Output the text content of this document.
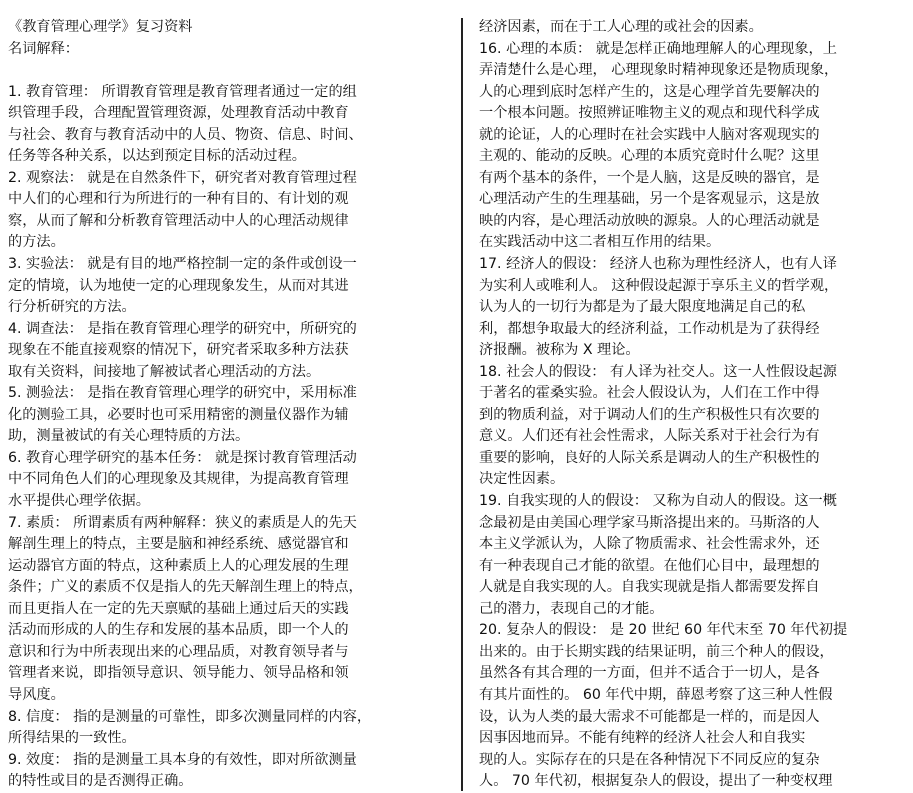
《教育管理心理学》复习资料
名词解释：
1. 教育管理： 所谓教育管理是教育管理者通过一定的组
织管理手段，合理配置管理资源，处理教育活动中教育
与社会、教育与教育活动中的人员、物资、信息、时间、
任务等各种关系，以达到预定目标的活动过程。
2. 观察法： 就是在自然条件下，研究者对教育管理过程
中人们的心理和行为所进行的一种有目的、有计划的观
察，从而了解和分析教育管理活动中人的心理活动规律
的方法。
3. 实验法： 就是有目的地严格控制一定的条件或创设一
定的情境，认为地使一定的心理现象发生，从而对其进
行分析研究的方法。
4. 调查法： 是指在教育管理心理学的研究中，所研究的
现象在不能直接观察的情况下，研究者采取多种方法获
取有关资料，间接地了解被试者心理活动的方法。
5. 测验法： 是指在教育管理心理学的研究中，采用标准
化的测验工具，必要时也可采用精密的测量仪器作为辅
助，测量被试的有关心理特质的方法。
6. 教育心理学研究的基本任务： 就是探讨教育管理活动
中不同角色人们的心理现象及其规律，为提高教育管理
水平提供心理学依据。
7. 素质： 所谓素质有两种解释：狭义的素质是人的先天
解剖生理上的特点，主要是脑和神经系统、感觉器官和
运动器官方面的特点，这种素质上人的心理发展的生理
条件；广义的素质不仅是指人的先天解剖生理上的特点，
而且更指人在一定的先天禀赋的基础上通过后天的实践
活动而形成的人的生存和发展的基本品质，即一个人的
意识和行为中所表现出来的心理品质，对教育领导者与
管理者来说，即指领导意识、领导能力、领导品格和领
导风度。
8. 信度： 指的是测量的可靠性，即多次测量同样的内容，
所得结果的一致性。
9. 效度： 指的是测量工具本身的有效性，即对所欲测量
的特性或目的是否测得正确。
经济因素，而在于工人心理的或社会的因素。
16. 心理的本质： 就是怎样正确地理解人的心理现象，上
弄清楚什么是心理， 心理现象时精神现象还是物质现象，
人的心理到底时怎样产生的，这是心理学首先要解决的
一个根本问题。按照辨证唯物主义的观点和现代科学成
就的论证，人的心理时在社会实践中人脑对客观现实的
主观的、能动的反映。心理的本质究竟时什么呢？这里
有两个基本的条件，一个是人脑，这是反映的器官，是
心理活动产生的生理基础，另一个是客观显示，这是放
映的内容，是心理活动放映的源泉。人的心理活动就是
在实践活动中这二者相互作用的结果。
17. 经济人的假设： 经济人也称为理性经济人，也有人译
为实利人或唯利人。 这种假设起源于享乐主义的哲学观，
认为人的一切行为都是为了最大限度地满足自己的私
利，都想争取最大的经济利益，工作动机是为了获得经
济报酬。被称为 X 理论。
18. 社会人的假设： 有人译为社交人。这一人性假设起源
于著名的霍桑实验。社会人假设认为，人们在工作中得
到的物质利益，对于调动人们的生产积极性只有次要的
意义。人们还有社会性需求，人际关系对于社会行为有
重要的影响，良好的人际关系是调动人的生产积极性的
决定性因素。
19. 自我实现的人的假设： 又称为自动人的假设。这一概
念最初是由美国心理学家马斯洛提出来的。马斯洛的人
本主义学派认为，人除了物质需求、社会性需求外，还
有一种表现自己才能的欲望。在他们心目中，最理想的
人就是自我实现的人。自我实现就是指人都需要发挥自
己的潜力，表现自己的才能。
20. 复杂人的假设： 是 20 世纪 60 年代末至 70 年代初提
出来的。由于长期实践的结果证明，前三个种人的假设，
虽然各有其合理的一方面，但并不适合于一切人，是各
有其片面性的。 60 年代中期，薛恩考察了这三种人性假
设，认为人类的最大需求不可能都是一样的，而是因人
因事因地而异。不能有纯粹的经济人社会人和自我实
现的人。实际存在的只是在各种情况下不同反应的复杂
人。 70 年代初，根据复杂人的假设，提出了一种变权理
